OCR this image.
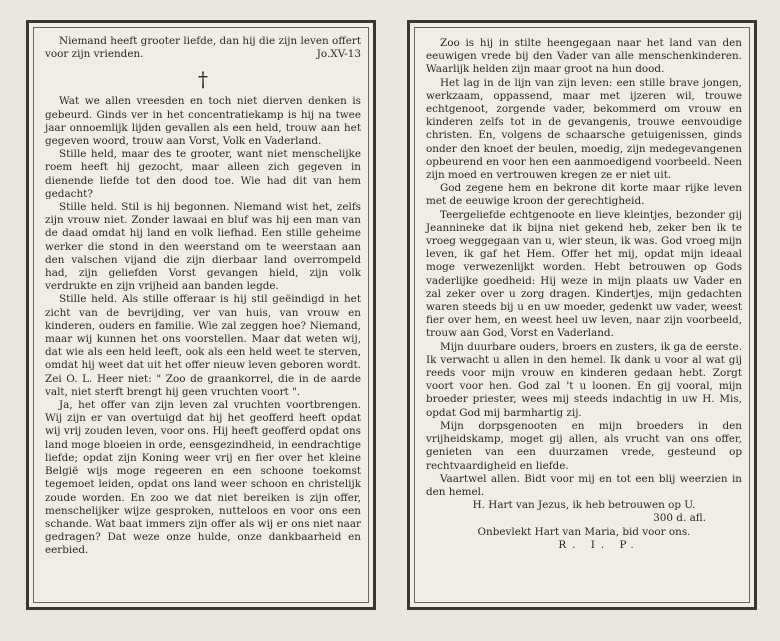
Niemand heeft grooter liefde, dan hij die zijn leven offert voor zijn vrienden.	Jo.XV-13

†

Wat we allen vreesden en toch niet dierven denken is gebeurd. Ginds ver in het concentratiekamp is hij na twee jaar onnoemlijk lijden gevallen als een held, trouw aan het gegeven woord, trouw aan Vorst, Volk en Vaderland.

Stille held, maar des te grooter, want niet menschelijke roem heeft hij gezocht, maar alleen zich gegeven in dienende liefde tot den dood toe. Wie had dit van hem gedacht?

Stille held. Stil is hij begonnen. Niemand wist het, zelfs zijn vrouw niet. Zonder lawaai en bluf was hij een man van de daad omdat hij land en volk liefhad. Een stille geheime werker die stond in den weerstand om te weerstaan aan den valschen vijand die zijn dierbaar land overrompeld had, zijn geliefden Vorst gevangen hield, zijn volk verdrukte en zijn vrijheid aan banden legde.

Stille held. Als stille offeraar is hij stil geëindigd in het zicht van de bevrijding, ver van huis, van vrouw en kinderen, ouders en familie. Wie zal zeggen hoe? Niemand, maar wij kunnen het ons voorstellen. Maar dat weten wij, dat wie als een held leeft, ook als een held weet te sterven, omdat hij weet dat uit het offer nieuw leven geboren wordt. Zei O. L. Heer niet: " Zoo de graankorrel, die in de aarde valt, niet sterft brengt hij geen vruchten voort ".

Ja, het offer van zijn leven zal vruchten voortbrengen. Wij zijn er van overtuigd dat hij het geofferd heeft opdat wij vrij zouden leven, voor ons. Hij heeft geofferd opdat ons land moge bloeien in orde, eensgezindheid, in eendrachtige liefde; opdat zijn Koning weer vrij en fier over het kleine België wijs moge regeeren en een schoone toekomst tegemoet leiden, opdat ons land weer schoon en christelijk zoude worden. En zoo we dat niet bereiken is zijn offer, menschelijker wijze gesproken, nutteloos en voor ons een schande. Wat baat immers zijn offer als wij er ons niet naar gedragen? Dat weze onze hulde, onze dankbaarheid en eerbied.

Zoo is hij in stilte heengegaan naar het land van den eeuwigen vrede bij den Vader van alle menschenkinderen. Waarlijk helden zijn maar groot na hun dood.

Het lag in de lijn van zijn leven: een stille brave jongen, werkzaam, oppassend, maar met ijzeren wil, trouwe echtgenoot, zorgende vader, bekommerd om vrouw en kinderen zelfs tot in de gevangenis, trouwe eenvoudige christen. En, volgens de schaarsche getuigenissen, ginds onder den knoet der beulen, moedig, zijn medegevangenen opbeurend en voor hen een aanmoedigend voorbeeld. Neen zijn moed en vertrouwen kregen ze er niet uit.

God zegene hem en bekrone dit korte maar rijke leven met de eeuwige kroon der gerechtigheid.

Teergeliefde echtgenoote en lieve kleintjes, bezonder gij Jeanninеke dat ik bijna niet gekend heb, zeker ben ik te vroeg weggegaan van u, wier steun, ik was. God vroeg mijn leven, ik gaf het Hem. Offer het mij, opdat mijn ideaal moge verwezenlijkt worden. Hebt betrouwen op Gods vaderlijke goedheid: Hij weze in mijn plaats uw Vader en zal zeker over u zorg dragen. Kindertjes, mijn gedachten waren steeds bij u en uw moeder, gedenkt uw vader, weest fier over hem, en weest heel uw leven, naar zijn voorbeeld, trouw aan God, Vorst en Vaderland.

Mijn duurbare ouders, broers en zusters, ik ga de eerste. Ik verwacht u allen in den hemel. Ik dank u voor al wat gij reeds voor mijn vrouw en kinderen gedaan hebt. Zorgt voort voor hen. God zal 't u loonen. En gij vooral, mijn broeder priester, wees mij steeds indachtig in uw H. Mis, opdat God mij barmhartig zij.

Mijn dorpsgenooten en mijn broeders in den vrijheidskamp, moget gij allen, als vrucht van ons offer, genieten van een duurzamen vrede, gesteund op rechtvaardigheid en liefde.

Vaartwel allen. Bidt voor mij en tot een blij weerzien in den hemel.

H. Hart van Jezus, ik heb betrouwen op U.

300 d. afl.

Onbevlekt Hart van Maria, bid voor ons.

R. I. P.
